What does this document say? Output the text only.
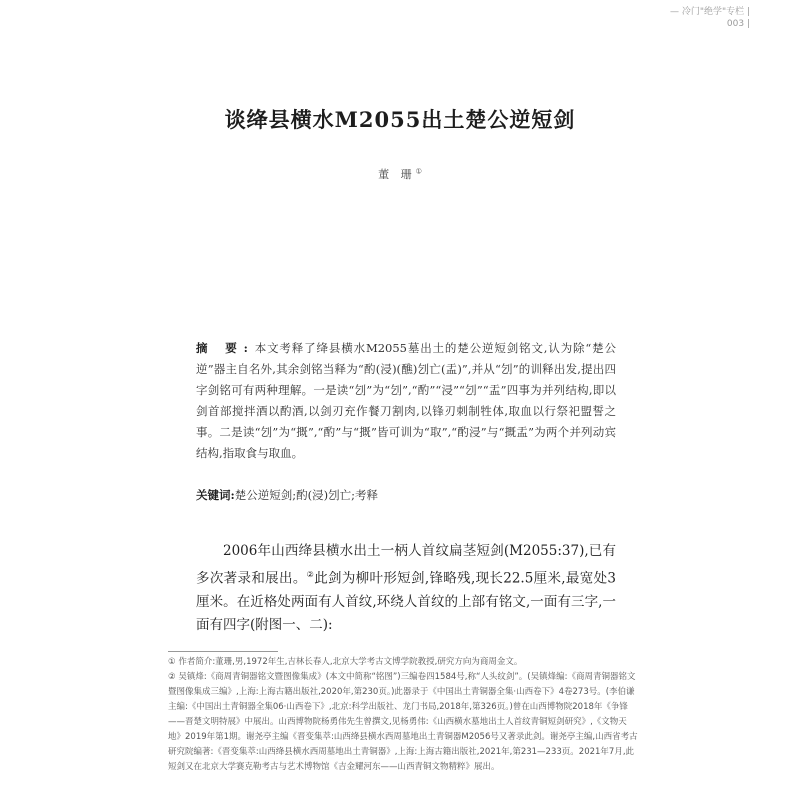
— 冷门"绝学"专栏 |
003 |
谈绛县横水M2055出土楚公逆短剑
董 珊①

摘 要:本文考释了绛县横水M2055墓出土的楚公逆短剑铭文,认为除“楚公逆”器主自名外,其余剑铭当释为“酌(浸)(醮)刉亡(盂)”,并从“刉”的训释出发,提出四字剑铭可有两种理解。一是读“刉”为“刉”,“酌”“浸”“刉”“盂”四事为并列结构,即以剑首部搅拌酒以酌酒,以剑刃充作餐刀割肉,以锋刃刺制牲体,取血以行祭祀盟誓之事。二是读“刉”为“摡”,“酌”与“摡”皆可训为“取”,“酌浸”与“摡盂”为两个并列动宾结构,指取食与取血。

关键词:楚公逆短剑;酌(浸)刉亡;考释

2006年山西绛县横水出土一柄人首纹扁茎短剑(M2055:37),已有多次著录和展出。②此剑为柳叶形短剑,锋略残,现长22.5厘米,最宽处3厘米。在近格处两面有人首纹,环绕人首纹的上部有铭文,一面有三字,一面有四字(附图一、二):

① 作者简介:董珊,男,1972年生,吉林长春人,北京大学考古文博学院教授,研究方向为商周金文。

② 吴镇烽:《商周青铜器铭文暨图像集成》(本文中简称“铭图”)三编卷四1584号,称“人头纹剑”。(吴镇烽编:《商周青铜器铭文暨图像集成三编》,上海:上海古籍出版社,2020年,第230页。)此器录于《中国出土青铜器全集·山西卷下》4卷273号。(李伯谦主编:《中国出土青铜器全集06·山西卷下》,北京:科学出版社、龙门书局,2018年,第326页。)曾在山西博物院2018年《争锋——晋楚文明特展》中展出。山西博物院杨勇伟先生曾撰文,见杨勇伟:《山西横水墓地出土人首纹青铜短剑研究》,《文物天地》2019年第1期。谢尧亭主编《晋变集萃:山西绛县横水西周墓地出土青铜器M2056号又著录此剑。谢尧亭主编,山西省考古研究院编著:《晋变集萃:山西绛县横水西周墓地出土青铜器》,上海:上海古籍出版社,2021年,第231—233页。2021年7月,此短剑又在北京大学赛克勒考古与艺术博物馆《吉金耀河东——山西青铜文物精粹》展出。
